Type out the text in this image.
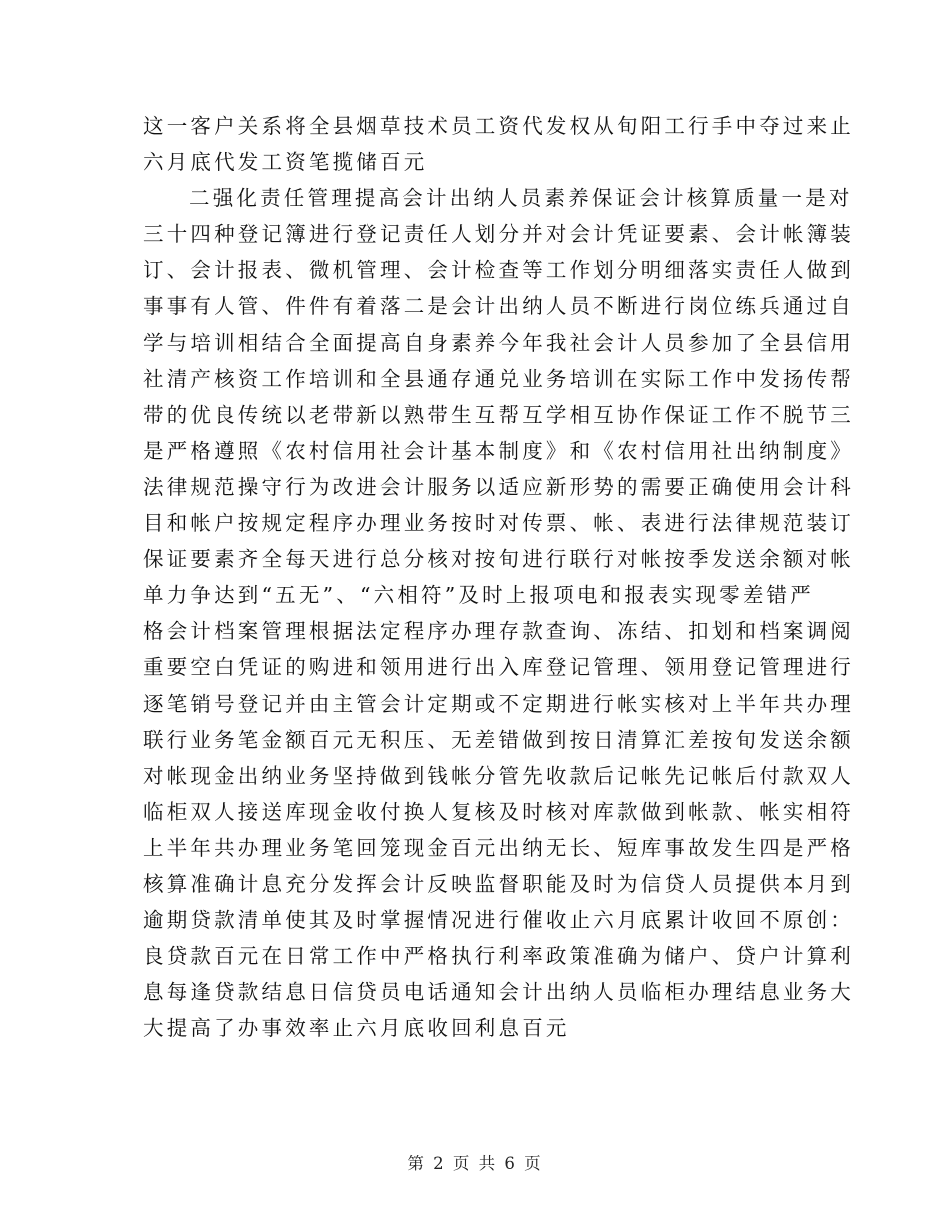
这一客户关系将全县烟草技术员工资代发权从旬阳工行手中夺过来止
六月底代发工资笔揽储百元
二强化责任管理提高会计出纳人员素养保证会计核算质量一是对
三十四种登记簿进行登记责任人划分并对会计凭证要素、会计帐簿装
订、会计报表、微机管理、会计检查等工作划分明细落实责任人做到
事事有人管、件件有着落二是会计出纳人员不断进行岗位练兵通过自
学与培训相结合全面提高自身素养今年我社会计人员参加了全县信用
社清产核资工作培训和全县通存通兑业务培训在实际工作中发扬传帮
带的优良传统以老带新以熟带生互帮互学相互协作保证工作不脱节三
是严格遵照《农村信用社会计基本制度》和《农村信用社出纳制度》
法律规范操守行为改进会计服务以适应新形势的需要正确使用会计科
目和帐户按规定程序办理业务按时对传票、帐、表进行法律规范装订
保证要素齐全每天进行总分核对按旬进行联行对帐按季发送余额对帐
单力争达到“五无”、“六相符”及时上报项电和报表实现零差错严
格会计档案管理根据法定程序办理存款查询、冻结、扣划和档案调阅
重要空白凭证的购进和领用进行出入库登记管理、领用登记管理进行
逐笔销号登记并由主管会计定期或不定期进行帐实核对上半年共办理
联行业务笔金额百元无积压、无差错做到按日清算汇差按旬发送余额
对帐现金出纳业务坚持做到钱帐分管先收款后记帐先记帐后付款双人
临柜双人接送库现金收付换人复核及时核对库款做到帐款、帐实相符
上半年共办理业务笔回笼现金百元出纳无长、短库事故发生四是严格
核算准确计息充分发挥会计反映监督职能及时为信贷人员提供本月到
逾期贷款清单使其及时掌握情况进行催收止六月底累计收回不原创：
良贷款百元在日常工作中严格执行利率政策准确为储户、贷户计算利
息每逢贷款结息日信贷员电话通知会计出纳人员临柜办理结息业务大
大提高了办事效率止六月底收回利息百元
第 2 页 共 6 页
